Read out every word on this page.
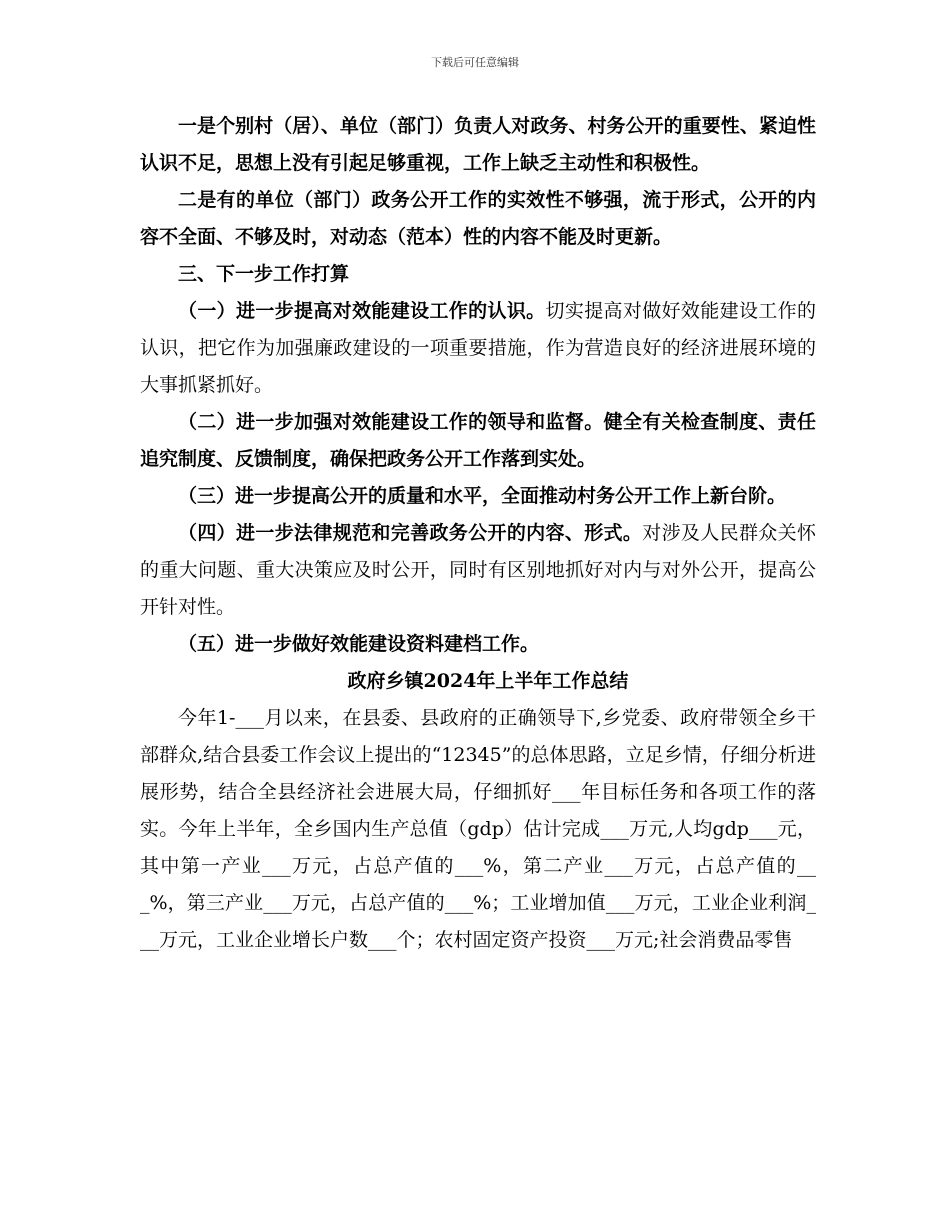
下载后可任意编辑

一是个别村（居）、单位（部门）负责人对政务、村务公开的重要性、紧迫性认识不足，思想上没有引起足够重视，工作上缺乏主动性和积极性。

二是有的单位（部门）政务公开工作的实效性不够强，流于形式，公开的内容不全面、不够及时，对动态（范本）性的内容不能及时更新。

三、下一步工作打算

（一）进一步提高对效能建设工作的认识。切实提高对做好效能建设工作的认识，把它作为加强廉政建设的一项重要措施，作为营造良好的经济进展环境的大事抓紧抓好。

（二）进一步加强对效能建设工作的领导和监督。健全有关检查制度、责任追究制度、反馈制度，确保把政务公开工作落到实处。

（三）进一步提高公开的质量和水平，全面推动村务公开工作上新台阶。

（四）进一步法律规范和完善政务公开的内容、形式。对涉及人民群众关怀的重大问题、重大决策应及时公开，同时有区别地抓好对内与对外公开，提高公开针对性。

（五）进一步做好效能建设资料建档工作。

政府乡镇2024年上半年工作总结

今年1-___月以来，在县委、县政府的正确领导下,乡党委、政府带领全乡干部群众,结合县委工作会议上提出的“12345”的总体思路，立足乡情，仔细分析进展形势，结合全县经济社会进展大局，仔细抓好___年目标任务和各项工作的落实。今年上半年，全乡国内生产总值（gdp）估计完成___万元,人均gdp___元，其中第一产业___万元，占总产值的___%，第二产业___万元，占总产值的___%，第三产业___万元，占总产值的___%；工业增加值___万元，工业企业利润___万元，工业企业增长户数___个；农村固定资产投资___万元;社会消费品零售
